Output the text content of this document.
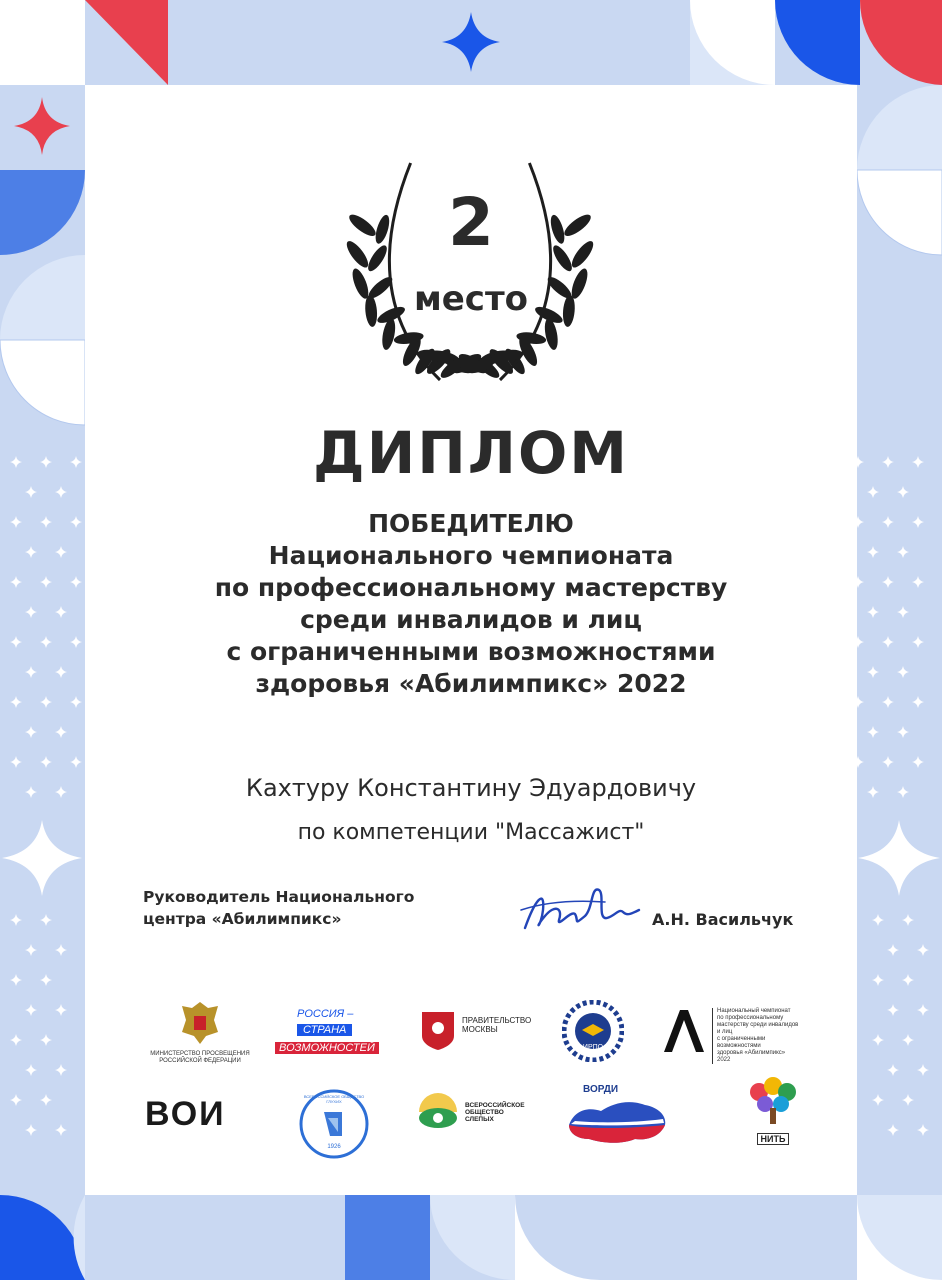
2
место
ДИПЛОМ
ПОБЕДИТЕЛЮ
Национального чемпионата
по профессиональному мастерству
среди инвалидов и лиц
с ограниченными возможностями
здоровья «Абилимпикс» 2022
Кахтуру Константину Эдуардовичу
по компетенции "Массажист"
Руководитель Национального
центра «Абилимпикс»	А.Н. Васильчук
МИНИСТЕРСТВО ПРОСВЕЩЕНИЯ
РОССИЙСКОЙ ФЕДЕРАЦИИ
РОССИЯ –
СТРАНА ВОЗМОЖНОСТЕЙ
ПРАВИТЕЛЬСТВО
МОСКВЫ
ИРПО
Национальный чемпионат
по профессиональному
мастерству среди инвалидов и лиц
с ограниченными возможностями
здоровья «Абилимпикс» 2022
ВОИ
1926
ВСЕРОССИЙСКОЕ ОБЩЕСТВО ГЛУХИХ
ВСЕРОССИЙСКОЕ
ОБЩЕСТВО
СЛЕПЫХ
ВОРДИ
НИТЬ
